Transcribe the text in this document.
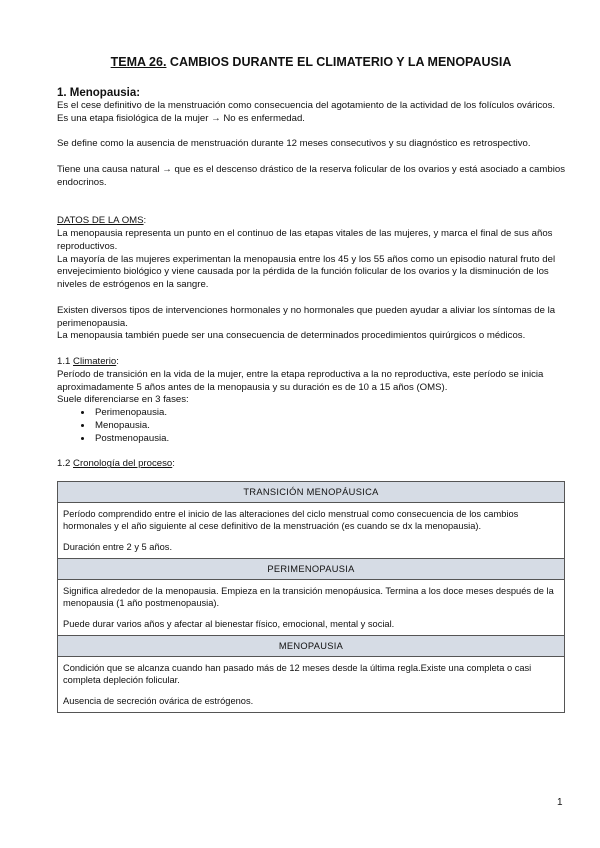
TEMA 26. CAMBIOS DURANTE EL CLIMATERIO Y LA MENOPAUSIA
1. Menopausia:

Es el cese definitivo de la menstruación como consecuencia del agotamiento de la actividad de los folículos ováricos.

Es una etapa fisiológica de la mujer → No es enfermedad.

Se define como la ausencia de menstruación durante 12 meses consecutivos y su diagnóstico es retrospectivo.

Tiene una causa natural → que es el descenso drástico de la reserva folicular de los ovarios y está asociado a cambios endocrinos.

DATOS DE LA OMS:

La menopausia representa un punto en el continuo de las etapas vitales de las mujeres, y marca el final de sus años reproductivos.

La mayoría de las mujeres experimentan la menopausia entre los 45 y los 55 años como un episodio natural fruto del envejecimiento biológico y viene causada por la pérdida de la función folicular de los ovarios y la disminución de los niveles de estrógenos en la sangre.

Existen diversos tipos de intervenciones hormonales y no hormonales que pueden ayudar a aliviar los síntomas de la perimenopausia.

La menopausia también puede ser una consecuencia de determinados procedimientos quirúrgicos o médicos.

1.1 Climaterio:

Período de transición en la vida de la mujer, entre la etapa reproductiva a la no reproductiva, este período se inicia aproximadamente 5 años antes de la menopausia y su duración es de 10 a 15 años (OMS).

Suele diferenciarse en 3 fases:

• Perimenopausia.
• Menopausia.
• Postmenopausia.

1.2 Cronología del proceso:

TRANSICIÓN MENOPÁUSICA

Período comprendido entre el inicio de las alteraciones del ciclo menstrual como consecuencia de los cambios hormonales y el año siguiente al cese definitivo de la menstruación (es cuando se dx la menopausia).
Duración entre 2 y 5 años.

PERIMENOPAUSIA

Significa alrededor de la menopausia. Empieza en la transición menopáusica. Termina a los doce meses después de la menopausia (1 año postmenopausia).
Puede durar varios años y afectar al bienestar físico, emocional, mental y social.

MENOPAUSIA

Condición que se alcanza cuando han pasado más de 12 meses desde la última regla.Existe una completa o casi completa depleción folicular.
Ausencia de secreción ovárica de estrógenos.
1
